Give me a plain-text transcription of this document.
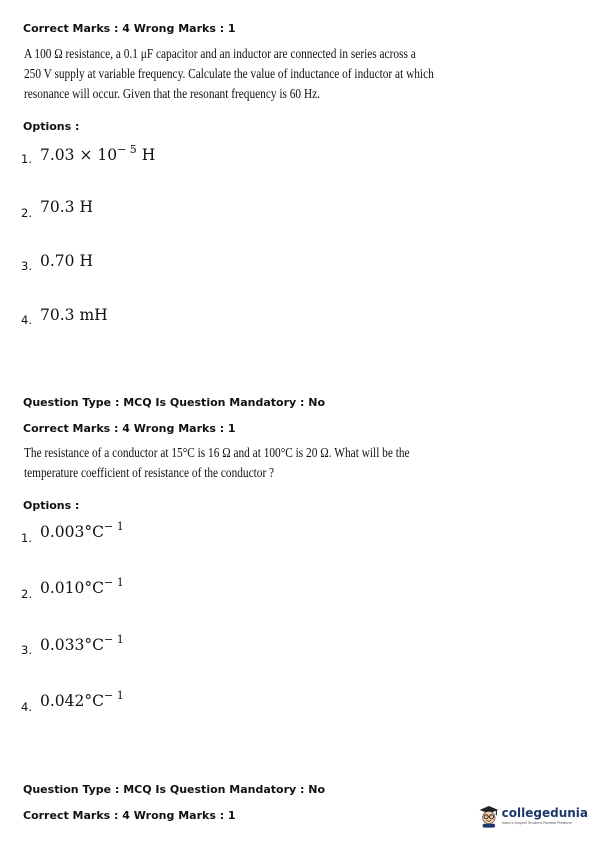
Correct Marks : 4 Wrong Marks : 1
A 100 Ω resistance, a 0.1 μF capacitor and an inductor are connected in series across a
250 V supply at variable frequency. Calculate the value of inductance of inductor at which
resonance will occur. Given that the resonant frequency is 60 Hz.
Options :
1. $7.03 \times 10^{- 5}$ H
2. 70.3 H
3. 0.70 H
4. 70.3 mH
Question Type : MCQ Is Question Mandatory : No
Correct Marks : 4 Wrong Marks : 1
The resistance of a conductor at 15°C is 16 Ω and at 100°C is 20 Ω. What will be the
temperature coefficient of resistance of the conductor ?
Options :
1. $0.003^\circ C^{- 1}$
2. $0.010^\circ C^{- 1}$
3. $0.033^\circ C^{- 1}$
4. $0.042^\circ C^{- 1}$
Question Type : MCQ Is Question Mandatory : No
Correct Marks : 4 Wrong Marks : 1	collegedunia
India's largest Student Review Platform
